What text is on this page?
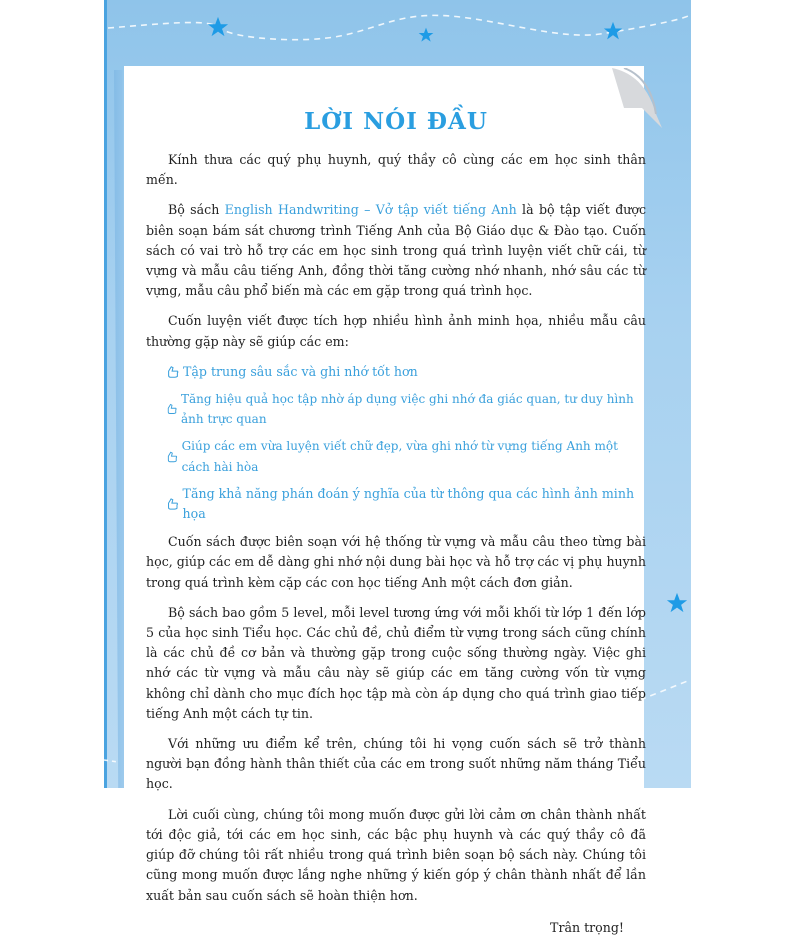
LỜI NÓI ĐẦU

Kính thưa các quý phụ huynh, quý thầy cô cùng các em học sinh thân mến.

Bộ sách English Handwriting – Vở tập viết tiếng Anh là bộ tập viết được biên soạn bám sát chương trình Tiếng Anh của Bộ Giáo dục & Đào tạo. Cuốn sách có vai trò hỗ trợ các em học sinh trong quá trình luyện viết chữ cái, từ vựng và mẫu câu tiếng Anh, đồng thời tăng cường nhớ nhanh, nhớ sâu các từ vựng, mẫu câu phổ biến mà các em gặp trong quá trình học.

Cuốn luyện viết được tích hợp nhiều hình ảnh minh họa, nhiều mẫu câu thường gặp này sẽ giúp các em:

Tập trung sâu sắc và ghi nhớ tốt hơn
Tăng hiệu quả học tập nhờ áp dụng việc ghi nhớ đa giác quan, tư duy hình ảnh trực quan
Giúp các em vừa luyện viết chữ đẹp, vừa ghi nhớ từ vựng tiếng Anh một cách hài hòa
Tăng khả năng phán đoán ý nghĩa của từ thông qua các hình ảnh minh họa

Cuốn sách được biên soạn với hệ thống từ vựng và mẫu câu theo từng bài học, giúp các em dễ dàng ghi nhớ nội dung bài học và hỗ trợ các vị phụ huynh trong quá trình kèm cặp các con học tiếng Anh một cách đơn giản.

Bộ sách bao gồm 5 level, mỗi level tương ứng với mỗi khối từ lớp 1 đến lớp 5 của học sinh Tiểu học. Các chủ đề, chủ điểm từ vựng trong sách cũng chính là các chủ đề cơ bản và thường gặp trong cuộc sống thường ngày. Việc ghi nhớ các từ vựng và mẫu câu này sẽ giúp các em tăng cường vốn từ vựng không chỉ dành cho mục đích học tập mà còn áp dụng cho quá trình giao tiếp tiếng Anh một cách tự tin.

Với những ưu điểm kể trên, chúng tôi hi vọng cuốn sách sẽ trở thành người bạn đồng hành thân thiết của các em trong suốt những năm tháng Tiểu học.

Lời cuối cùng, chúng tôi mong muốn được gửi lời cảm ơn chân thành nhất tới độc giả, tới các em học sinh, các bậc phụ huynh và các quý thầy cô đã giúp đỡ chúng tôi rất nhiều trong quá trình biên soạn bộ sách này. Chúng tôi cũng mong muốn được lắng nghe những ý kiến góp ý chân thành nhất để lần xuất bản sau cuốn sách sẽ hoàn thiện hơn.

Trân trọng!
